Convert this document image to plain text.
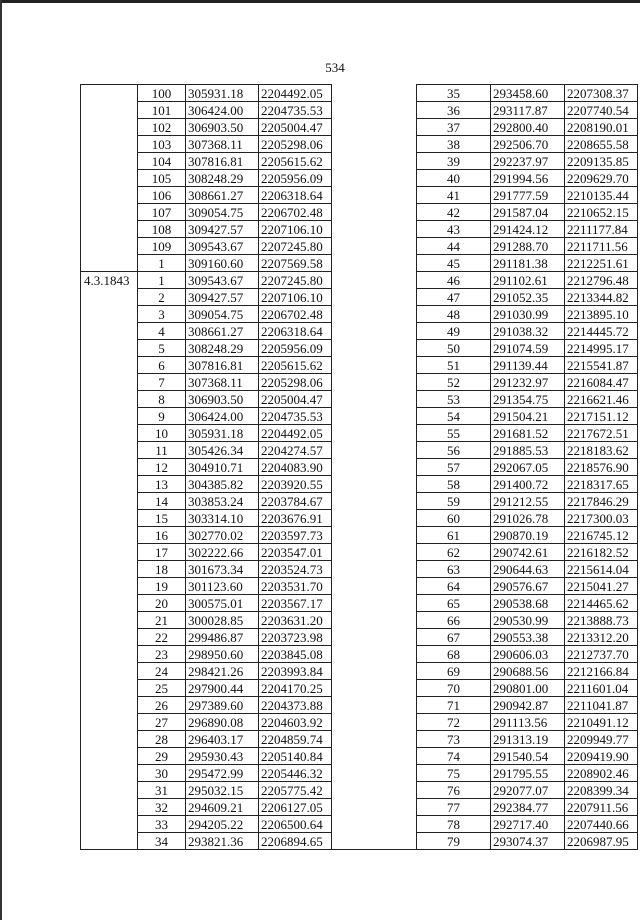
534
	100	305931.18	2204492.05		35	293458.60	2207308.37
	101	306424.00	2204735.53		36	293117.87	2207740.54
	102	306903.50	2205004.47		37	292800.40	2208190.01
	103	307368.11	2205298.06		38	292506.70	2208655.58
	104	307816.81	2205615.62		39	292237.97	2209135.85
	105	308248.29	2205956.09		40	291994.56	2209629.70
	106	308661.27	2206318.64		41	291777.59	2210135.44
	107	309054.75	2206702.48		42	291587.04	2210652.15
	108	309427.57	2207106.10		43	291424.12	2211177.84
	109	309543.67	2207245.80		44	291288.70	2211711.56
	1	309160.60	2207569.58		45	291181.38	2212251.61
4.3.1843	1	309543.67	2207245.80		46	291102.61	2212796.48
	2	309427.57	2207106.10		47	291052.35	2213344.82
	3	309054.75	2206702.48		48	291030.99	2213895.10
	4	308661.27	2206318.64		49	291038.32	2214445.72
	5	308248.29	2205956.09		50	291074.59	2214995.17
	6	307816.81	2205615.62		51	291139.44	2215541.87
	7	307368.11	2205298.06		52	291232.97	2216084.47
	8	306903.50	2205004.47		53	291354.75	2216621.46
	9	306424.00	2204735.53		54	291504.21	2217151.12
	10	305931.18	2204492.05		55	291681.52	2217672.51
	11	305426.34	2204274.57		56	291885.53	2218183.62
	12	304910.71	2204083.90		57	292067.05	2218576.90
	13	304385.82	2203920.55		58	291400.72	2218317.65
	14	303853.24	2203784.67		59	291212.55	2217846.29
	15	303314.10	2203676.91		60	291026.78	2217300.03
	16	302770.02	2203597.73		61	290870.19	2216745.12
	17	302222.66	2203547.01		62	290742.61	2216182.52
	18	301673.34	2203524.73		63	290644.63	2215614.04
	19	301123.60	2203531.70		64	290576.67	2215041.27
	20	300575.01	2203567.17		65	290538.68	2214465.62
	21	300028.85	2203631.20		66	290530.99	2213888.73
	22	299486.87	2203723.98		67	290553.38	2213312.20
	23	298950.60	2203845.08		68	290606.03	2212737.70
	24	298421.26	2203993.84		69	290688.56	2212166.84
	25	297900.44	2204170.25		70	290801.00	2211601.04
	26	297389.60	2204373.88		71	290942.87	2211041.87
	27	296890.08	2204603.92		72	291113.56	2210491.12
	28	296403.17	2204859.74		73	291313.19	2209949.77
	29	295930.43	2205140.84		74	291540.54	2209419.90
	30	295472.99	2205446.32		75	291795.55	2208902.46
	31	295032.15	2205775.42		76	292077.07	2208399.34
	32	294609.21	2206127.05		77	292384.77	2207911.56
	33	294205.22	2206500.64		78	292717.40	2207440.66
	34	293821.36	2206894.65		79	293074.37	2206987.95
